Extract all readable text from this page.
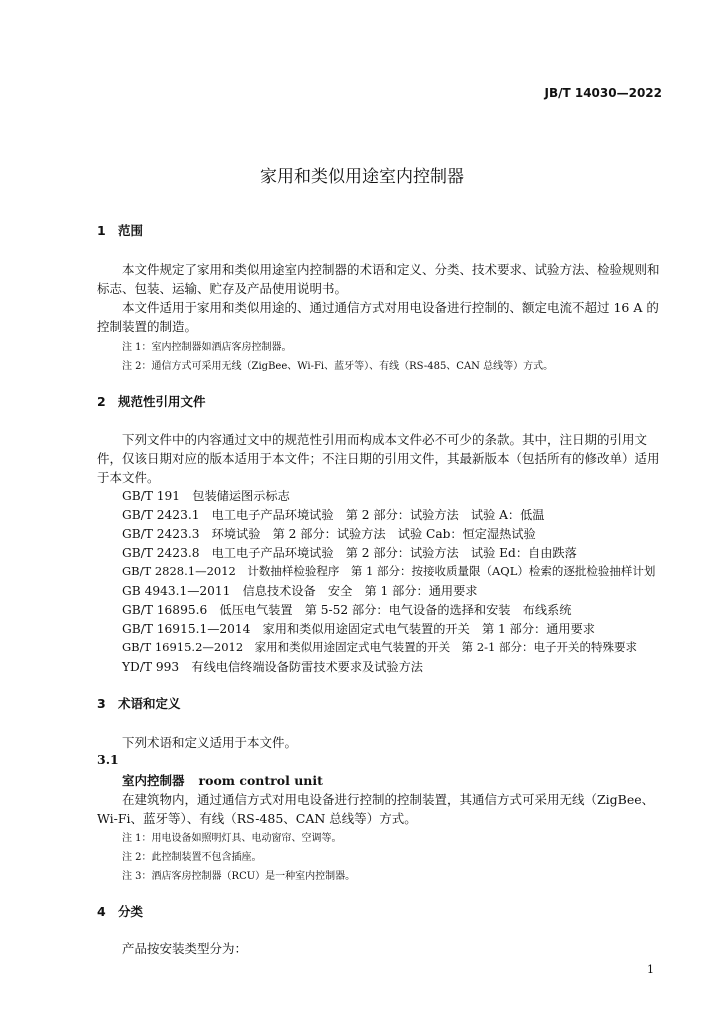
JB/T 14030—2022
家用和类似用途室内控制器
1 范围
本文件规定了家用和类似用途室内控制器的术语和定义、分类、技术要求、试验方法、检验规则和
标志、包装、运输、贮存及产品使用说明书。
本文件适用于家用和类似用途的、通过通信方式对用电设备进行控制的、额定电流不超过 16 A 的
控制装置的制造。
注 1：室内控制器如酒店客房控制器。
注 2：通信方式可采用无线（ZigBee、Wi-Fi、蓝牙等）、有线（RS-485、CAN 总线等）方式。
2 规范性引用文件
下列文件中的内容通过文中的规范性引用而构成本文件必不可少的条款。其中，注日期的引用文
件，仅该日期对应的版本适用于本文件；不注日期的引用文件，其最新版本（包括所有的修改单）适用
于本文件。
GB/T 191　包装储运图示标志
GB/T 2423.1　电工电子产品环境试验　第 2 部分：试验方法　试验 A：低温
GB/T 2423.3　环境试验　第 2 部分：试验方法　试验 Cab：恒定湿热试验
GB/T 2423.8　电工电子产品环境试验　第 2 部分：试验方法　试验 Ed：自由跌落
GB/T 2828.1—2012　计数抽样检验程序　第 1 部分：按接收质量限（AQL）检索的逐批检验抽样计划
GB 4943.1—2011　信息技术设备　安全　第 1 部分：通用要求
GB/T 16895.6　低压电气装置　第 5-52 部分：电气设备的选择和安装　布线系统
GB/T 16915.1—2014　家用和类似用途固定式电气装置的开关　第 1 部分：通用要求
GB/T 16915.2—2012　家用和类似用途固定式电气装置的开关　第 2-1 部分：电子开关的特殊要求
YD/T 993　有线电信终端设备防雷技术要求及试验方法
3 术语和定义
下列术语和定义适用于本文件。
3.1
室内控制器 room control unit
在建筑物内，通过通信方式对用电设备进行控制的控制装置，其通信方式可采用无线（ZigBee、
Wi-Fi、蓝牙等）、有线（RS-485、CAN 总线等）方式。
注 1：用电设备如照明灯具、电动窗帘、空调等。
注 2：此控制装置不包含插座。
注 3：酒店客房控制器（RCU）是一种室内控制器。
4 分类
产品按安装类型分为：
1
